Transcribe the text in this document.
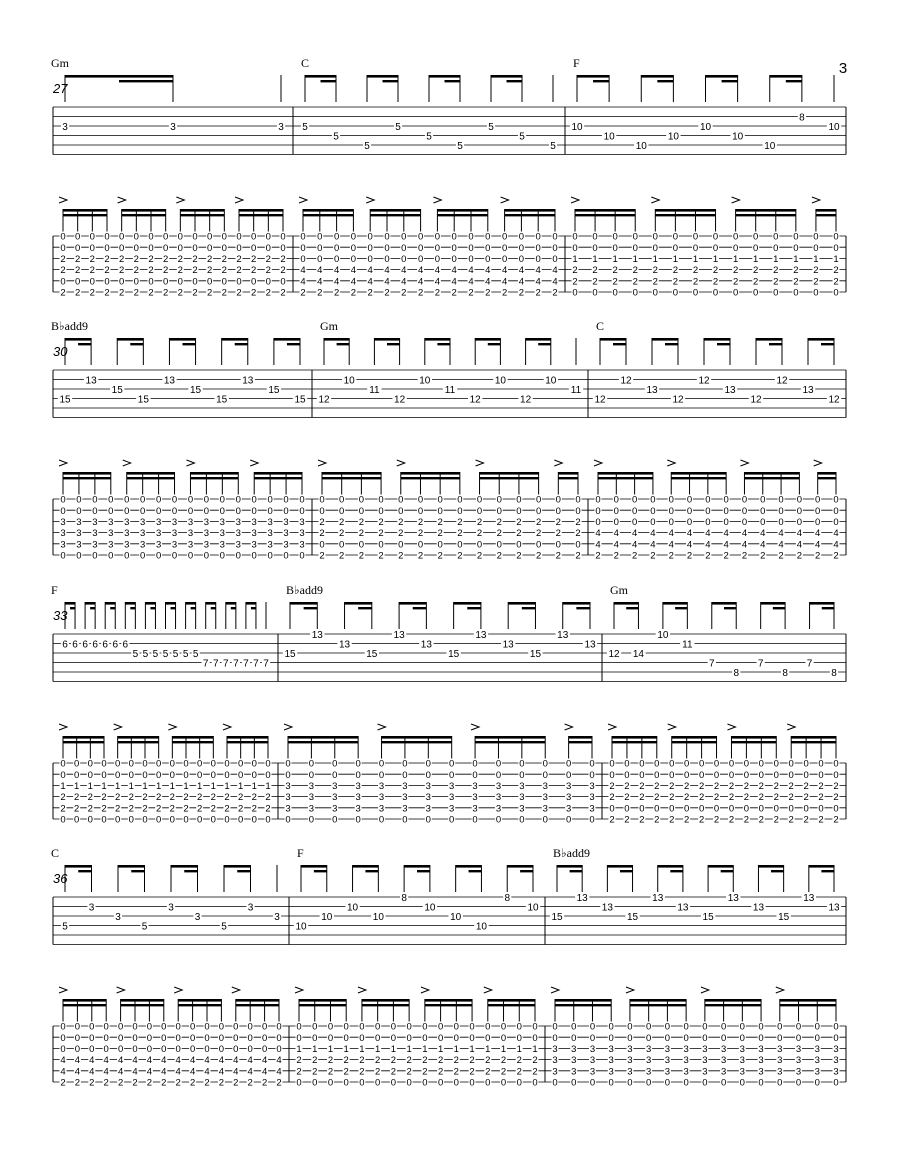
Gm
27
3	3	3
0
0
2
2
0
2
0
0
2
2
0
2
0
0
2
2
0
2
0
0
2
2
0
2
0
0
2
2
0
2
0
0
2
2
0
2
0
0
2
2
0
2
0
0
2
2
0
2
0
0
2
2
0
2
0
0
2
2
0
2
0
0
2
2
0
2
0
0
2
2
0
2
0
0
2
2
0
2
0
0
2
2
0
2
0
0
2
2
0
2
0
0
2
2
0
2
C
5
5
5
5
5
5
5
5
5
0
0
0
4
4
2
0
0
0
4
4
2
0
0
0
4
4
2
0
0
0
4
4
2
0
0
0
4
4
2
0
0
0
4
4
2
0
0
0
4
4
2
0
0
0
4
4
2
0
0
0
4
4
2
0
0
0
4
4
2
0
0
0
4
4
2
0
0
0
4
4
2
0
0
0
4
4
2
0
0
0
4
4
2
0
0
0
4
4
2
0
0
0
4
4
2
F
10
10
10
10
10
10
10
8
10
0
0
1
2
2
0
0
0
1
2
2
0
0
0
1
2
2
0
0
0
1
2
2
0
0
0
1
2
2
0
0
0
1
2
2
0
0
0
1
2
2
0
0
0
1
2
2
0
0
0
1
2
2
0
0
0
1
2
2
0
0
0
1
2
2
0
0
0
1
2
2
0
0
0
1
2
2
0
0
0
1
2
2
0
B♭add9
30
15
13
15
15
13
15
15
13
15
15
0
0
3
3
3
0
0
0
3
3
3
0
0
0
3
3
3
0
0
0
3
3
3
0
0
0
3
3
3
0
0
0
3
3
3
0
0
0
3
3
3
0
0
0
3
3
3
0
0
0
3
3
3
0
0
0
3
3
3
0
0
0
3
3
3
0
0
0
3
3
3
0
0
0
3
3
3
0
0
0
3
3
3
0
0
0
3
3
3
0
0
0
3
3
3
0
Gm
12
10
11
12
10
11
12
10
12
10
11
0
0
2
2
0
2
0
0
2
2
0
2
0
0
2
2
0
2
0
0
2
2
0
2
0
0
2
2
0
2
0
0
2
2
0
2
0
0
2
2
0
2
0
0
2
2
0
2
0
0
2
2
0
2
0
0
2
2
0
2
0
0
2
2
0
2
0
0
2
2
0
2
0
0
2
2
0
2
0
0
2
2
0
2
C
12
12
13
12
12
13
12
12
13
12
0
0
0
4
4
2
0
0
0
4
4
2
0
0
0
4
4
2
0
0
0
4
4
2
0
0
0
4
4
2
0
0
0
4
4
2
0
0
0
4
4
2
0
0
0
4
4
2
0
0
0
4
4
2
0
0
0
4
4
2
0
0
0
4
4
2
0
0
0
4
4
2
0
0
0
4
4
2
0
0
0
4
4
2
F
33
6 6 6 6 6 6 6
5 5 5 5 5 5 5
7 7 7 7 7 7 7
0
0
1
2
2
0
0
0
1
2
2
0
0
0
1
2
2
0
0
0
1
2
2
0
0
0
1
2
2
0
0
0
1
2
2
0
0
0
1
2
2
0
0
0
1
2
2
0
0
0
1
2
2
0
0
0
1
2
2
0
0
0
1
2
2
0
0
0
1
2
2
0
0
0
1
2
2
0
0
0
1
2
2
0
0
0
1
2
2
0
0
0
1
2
2
0
B♭add9
15
13
13
15
13
13
15
13
13
15
13
13
0
0
3
3
3
0
0
0
3
3
3
0
0
0
3
3
3
0
0
0
3
3
3
0
0
0
3
3
3
0
0
0
3
3
3
0
0
0
3
3
3
0
0
0
3
3
3
0
0
0
3
3
3
0
0
0
3
3
3
0
0
0
3
3
3
0
0
0
3
3
3
0
0
0
3
3
3
0
0
0
3
3
3
0
Gm
12 14
10
11
7
8
7
8
7
8
0
0
2
2
0
2
0
0
2
2
0
2
0
0
2
2
0
2
0
0
2
2
0
2
0
0
2
2
0
2
0
0
2
2
0
2
0
0
2
2
0
2
0
0
2
2
0
2
0
0
2
2
0
2
0
0
2
2
0
2
0
0
2
2
0
2
0
0
2
2
0
2
0
0
2
2
0
2
0
0
2
2
0
2
0
0
2
2
0
2
0
0
2
2
0
2
C
36
5
3
3
5
3
3
5
3
3
0
0
0
4
4
2
0
0
0
4
4
2
0
0
0
4
4
2
0
0
0
4
4
2
0
0
0
4
4
2
0
0
0
4
4
2
0
0
0
4
4
2
0
0
0
4
4
2
0
0
0
4
4
2
0
0
0
4
4
2
0
0
0
4
4
2
0
0
0
4
4
2
0
0
0
4
4
2
0
0
0
4
4
2
0
0
0
4
4
2
0
0
0
4
4
2
F
10
10
10
10
8
10
10
10
8
10
0
0
1
2
2
0
0
0
1
2
2
0
0
0
1
2
2
0
0
0
1
2
2
0
0
0
1
2
2
0
0
0
1
2
2
0
0
0
1
2
2
0
0
0
1
2
2
0
0
0
1
2
2
0
0
0
1
2
2
0
0
0
1
2
2
0
0
0
1
2
2
0
0
0
1
2
2
0
0
0
1
2
2
0
0
0
1
2
2
0
0
0
1
2
2
0
B♭add9
15
13
13
15
13
13
15
13
13
15
13
13
0
0
3
3
3
0
0
0
3
3
3
0
0
0
3
3
3
0
0
0
3
3
3
0
0
0
3
3
3
0
0
0
3
3
3
0
0
0
3
3
3
0
0
0
3
3
3
0
0
0
3
3
3
0
0
0
3
3
3
0
0
0
3
3
3
0
0
0
3
3
3
0
0
0
3
3
3
0
0
0
3
3
3
0
0
0
3
3
3
0
0
0
3
3
3
0
3
